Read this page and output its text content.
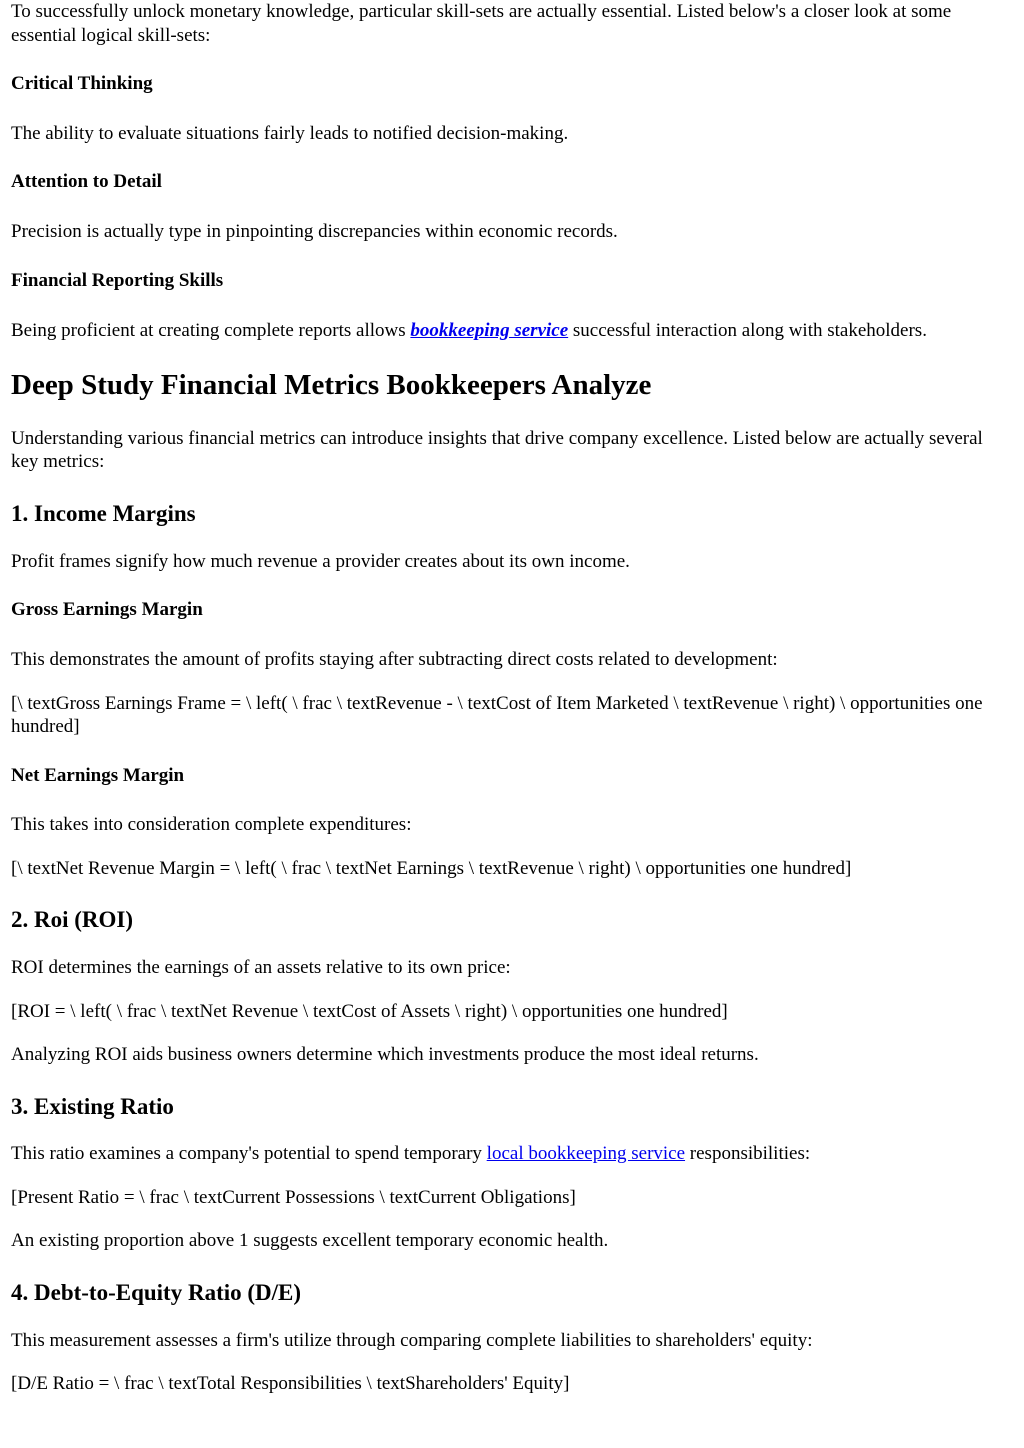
To successfully unlock monetary knowledge, particular skill-sets are actually essential. Listed below's a closer look at some essential logical skill-sets:

Critical Thinking

The ability to evaluate situations fairly leads to notified decision-making.

Attention to Detail

Precision is actually type in pinpointing discrepancies within economic records.

Financial Reporting Skills

Being proficient at creating complete reports allows bookkeeping service successful interaction along with stakeholders.

Deep Study Financial Metrics Bookkeepers Analyze

Understanding various financial metrics can introduce insights that drive company excellence. Listed below are actually several key metrics:

1. Income Margins

Profit frames signify how much revenue a provider creates about its own income.

Gross Earnings Margin

This demonstrates the amount of profits staying after subtracting direct costs related to development:

[\ textGross Earnings Frame = \ left( \ frac \ textRevenue - \ textCost of Item Marketed \ textRevenue \ right) \ opportunities one hundred]

Net Earnings Margin

This takes into consideration complete expenditures:

[\ textNet Revenue Margin = \ left( \ frac \ textNet Earnings \ textRevenue \ right) \ opportunities one hundred]

2. Roi (ROI)

ROI determines the earnings of an assets relative to its own price:

[ROI = \ left( \ frac \ textNet Revenue \ textCost of Assets \ right) \ opportunities one hundred]

Analyzing ROI aids business owners determine which investments produce the most ideal returns.

3. Existing Ratio

This ratio examines a company's potential to spend temporary local bookkeeping service responsibilities:

[Present Ratio = \ frac \ textCurrent Possessions \ textCurrent Obligations]

An existing proportion above 1 suggests excellent temporary economic health.

4. Debt-to-Equity Ratio (D/E)

This measurement assesses a firm's utilize through comparing complete liabilities to shareholders' equity:

[D/E Ratio = \ frac \ textTotal Responsibilities \ textShareholders' Equity]
